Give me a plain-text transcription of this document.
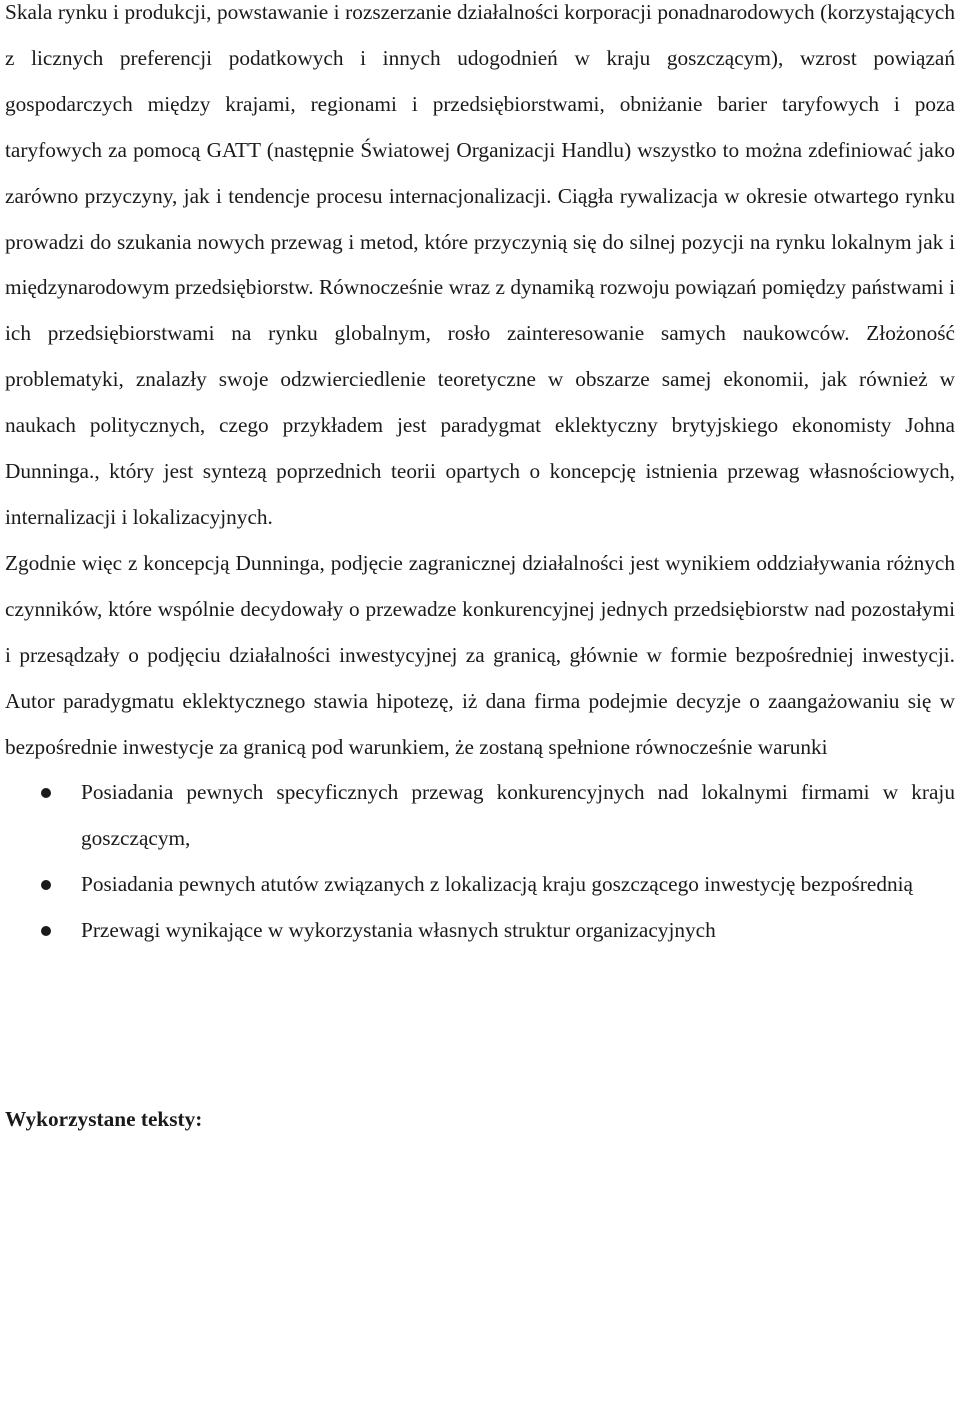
Skala rynku i produkcji, powstawanie i rozszerzanie działalności korporacji ponadnarodowych (korzystających z licznych preferencji podatkowych i innych udogodnień w kraju goszczącym), wzrost powiązań gospodarczych między krajami, regionami i przedsiębiorstwami, obniżanie barier taryfowych i poza taryfowych za pomocą GATT (następnie Światowej Organizacji Handlu) wszystko to można zdefiniować jako zarówno przyczyny, jak i tendencje procesu internacjonalizacji. Ciągła rywalizacja w okresie otwartego rynku prowadzi do szukania nowych przewag i metod, które przyczynią się do silnej pozycji na rynku lokalnym jak i międzynarodowym przedsiębiorstw. Równocześnie wraz z dynamiką rozwoju powiązań pomiędzy państwami i ich przedsiębiorstwami na rynku globalnym, rosło zainteresowanie samych naukowców. Złożoność problematyki, znalazły swoje odzwierciedlenie teoretyczne w obszarze samej ekonomii, jak również w naukach politycznych, czego przykładem jest paradygmat eklektyczny brytyjskiego ekonomisty Johna Dunninga., który jest syntezą poprzednich teorii opartych o koncepcję istnienia przewag własnościowych, internalizacji i lokalizacyjnych.

Zgodnie więc z koncepcją Dunninga, podjęcie zagranicznej działalności jest wynikiem oddziaływania różnych czynników, które wspólnie decydowały o przewadze konkurencyjnej jednych przedsiębiorstw nad pozostałymi i przesądzały o podjęciu działalności inwestycyjnej za granicą, głównie w formie bezpośredniej inwestycji. Autor paradygmatu eklektycznego stawia hipotezę, iż dana firma podejmie decyzje o zaangażowaniu się w bezpośrednie inwestycje za granicą pod warunkiem, że zostaną spełnione równocześnie warunki

Posiadania pewnych specyficznych przewag konkurencyjnych nad lokalnymi firmami w kraju goszczącym,
Posiadania pewnych atutów związanych z lokalizacją kraju goszczącego inwestycję bezpośrednią
Przewagi wynikające w wykorzystania własnych struktur organizacyjnych

Wykorzystane teksty:
